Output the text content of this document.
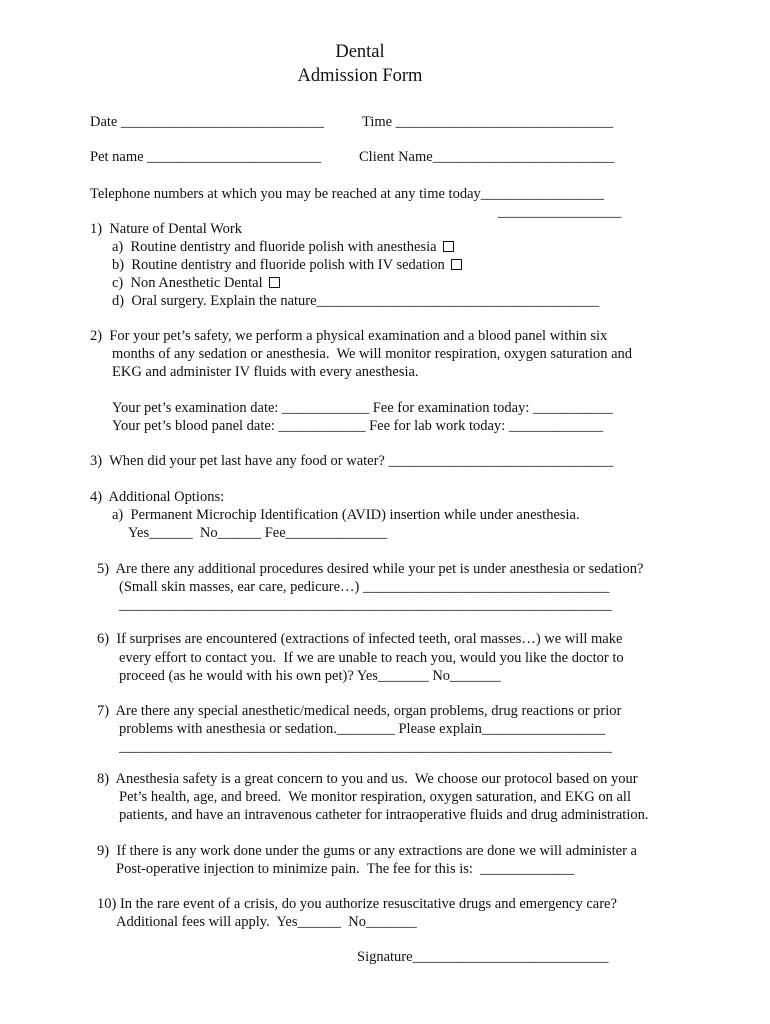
Dental
Admission Form
Date ____________________________	Time ______________________________
Pet name ________________________	Client Name_________________________
Telephone numbers at which you may be reached at any time today_________________
_________________
1)  Nature of Dental Work
a)  Routine dentistry and fluoride polish with anesthesia
b)  Routine dentistry and fluoride polish with IV sedation
c)  Non Anesthetic Dental
d)  Oral surgery. Explain the nature_______________________________________
2)  For your pet’s safety, we perform a physical examination and a blood panel within six
months of any sedation or anesthesia.  We will monitor respiration, oxygen saturation and
EKG and administer IV fluids with every anesthesia.
Your pet’s examination date: ____________ Fee for examination today: ___________
Your pet’s blood panel date: ____________ Fee for lab work today: _____________
3)  When did your pet last have any food or water? _______________________________
4)  Additional Options:
a)  Permanent Microchip Identification (AVID) insertion while under anesthesia.
Yes______  No______ Fee______________
5)  Are there any additional procedures desired while your pet is under anesthesia or sedation?
(Small skin masses, ear care, pedicure…) __________________________________
____________________________________________________________________
6)  If surprises are encountered (extractions of infected teeth, oral masses…) we will make
every effort to contact you.  If we are unable to reach you, would you like the doctor to
proceed (as he would with his own pet)? Yes_______ No_______
7)  Are there any special anesthetic/medical needs, organ problems, drug reactions or prior
problems with anesthesia or sedation.________ Please explain_________________
____________________________________________________________________
8)  Anesthesia safety is a great concern to you and us.  We choose our protocol based on your
Pet’s health, age, and breed.  We monitor respiration, oxygen saturation, and EKG on all
patients, and have an intravenous catheter for intraoperative fluids and drug administration.
9)  If there is any work done under the gums or any extractions are done we will administer a
Post-operative injection to minimize pain.  The fee for this is:  _____________
10) In the rare event of a crisis, do you authorize resuscitative drugs and emergency care?
Additional fees will apply.  Yes______  No_______
Signature___________________________
